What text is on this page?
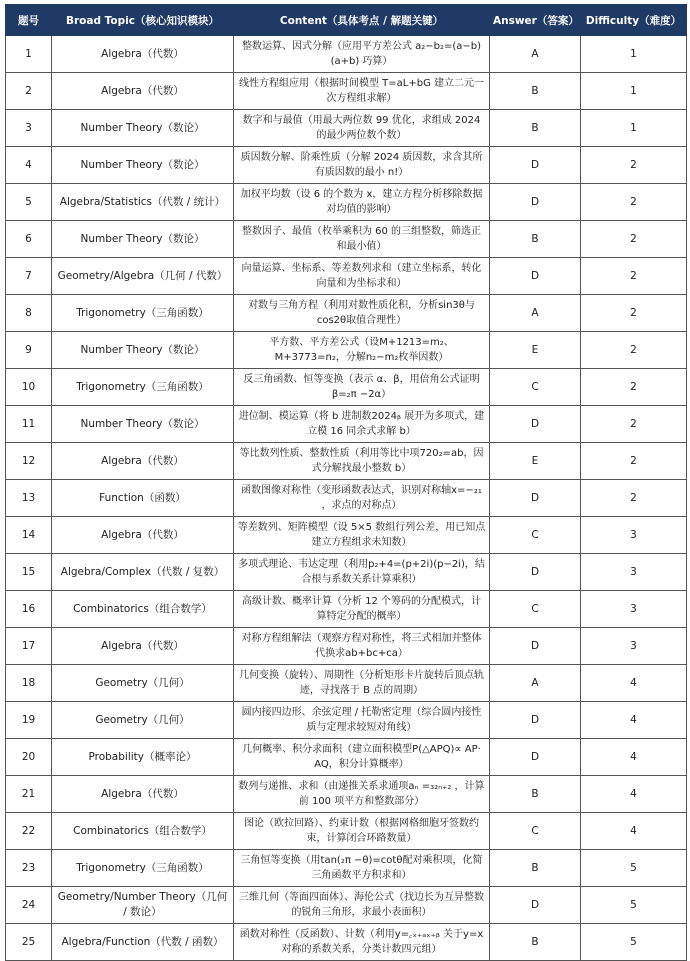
题号	Broad Topic（核心知识模块）	Content（具体考点 / 解题关键）	Answer（答案）	Difficulty（难度）
1	Algebra（代数）	整数运算、因式分解（应用平方差公式 a₂−b₂=(a−b)(a+b) 巧算）	A	1
2	Algebra（代数）	线性方程组应用（根据时间模型 T=aL+bG 建立二元一次方程组求解）	B	1
3	Number Theory（数论）	数字和与最值（用最大两位数 99 优化，求组成 2024 的最少两位数个数）	B	1
4	Number Theory（数论）	质因数分解、阶乘性质（分解 2024 质因数，求含其所有质因数的最小 n!）	D	2
5	Algebra/Statistics（代数 / 统计）	加权平均数（设 6 的个数为 x，建立方程分析移除数据对均值的影响）	D	2
6	Number Theory（数论）	整数因子、最值（枚举乘积为 60 的三组整数，筛选正和最小值）	B	2
7	Geometry/Algebra（几何 / 代数）	向量运算、坐标系、等差数列求和（建立坐标系，转化向量和为坐标求和）	D	2
8	Trigonometry（三角函数）	对数与三角方程（利用对数性质化积，分析sin3θ与cos2θ取值合理性）	A	2
9	Number Theory（数论）	平方数、平方差公式（设M+1213=m₂、M+3773=n₂，分解n₂−m₂枚举因数）	E	2
10	Trigonometry（三角函数）	反三角函数、恒等变换（表示 α、β，用倍角公式证明β=₂π −2α）	C	2
11	Number Theory（数论）	进位制、模运算（将 b 进制数2024ᵦ 展开为多项式，建立模 16 同余式求解 b）	D	2
12	Algebra（代数）	等比数列性质、整数性质（利用等比中项720₂=ab，因式分解找最小整数 b）	E	2
13	Function（函数）	函数图像对称性（变形函数表达式，识别对称轴x=−₂₁ ，求点的对称点）	D	2
14	Algebra（代数）	等差数列、矩阵模型（设 5×5 数组行列公差，用已知点建立方程组求未知数）	C	3
15	Algebra/Complex（代数 / 复数）	多项式理论、韦达定理（利用p₂+4=(p+2i)(p−2i)，结合根与系数关系计算乘积）	D	3
16	Combinatorics（组合数学）	高级计数、概率计算（分析 12 个筹码的分配模式，计算特定分配的概率）	C	3
17	Algebra（代数）	对称方程组解法（观察方程对称性，将三式相加并整体代换求ab+bc+ca）	D	3
18	Geometry（几何）	几何变换（旋转）、周期性（分析矩形卡片旋转后顶点轨迹，寻找落于 B 点的周期）	A	4
19	Geometry（几何）	圆内接四边形、余弦定理 / 托勒密定理（综合圆内接性质与定理求较短对角线）	D	4
20	Probability（概率论）	几何概率、积分求面积（建立面积模型P(△APQ)∝ AP· AQ，积分计算概率）	D	4
21	Algebra（代数）	数列与递推、求和（由递推关系求通项aₙ =₃₂ₙ₊₂ ，计算前 100 项平方和整数部分）	B	4
22	Combinatorics（组合数学）	图论（欧拉回路）、约束计数（根据网格细胞牙签数约束，计算闭合环路数量）	C	4
23	Trigonometry（三角函数）	三角恒等变换（用tan(₂π −θ)=cotθ配对乘积项，化简三角函数平方积求和）	B	5
24	Geometry/Number Theory（几何 / 数论）	三维几何（等面四面体）、海伦公式（找边长为互异整数的锐角三角形，求最小表面积）	D	5
25	Algebra/Function（代数 / 函数）	函数对称性（反函数）、计数（利用y=꜀ₓ₊ₐₓ₊ᵦ 关于y=x对称的系数关系，分类计数四元组）	B	5
